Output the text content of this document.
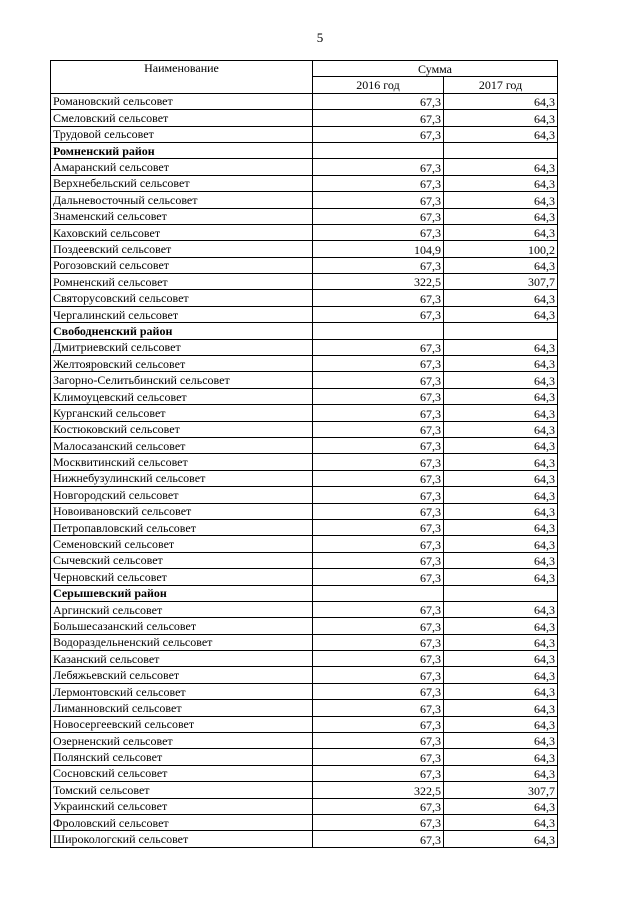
5
Наименование	Сумма	
	2016 год	2017 год
Романовский сельсовет	67,3	64,3
Смеловский сельсовет	67,3	64,3
Трудовой сельсовет	67,3	64,3
Ромненский район		
Амаранский сельсовет	67,3	64,3
Верхнебельский сельсовет	67,3	64,3
Дальневосточный сельсовет	67,3	64,3
Знаменский сельсовет	67,3	64,3
Каховский сельсовет	67,3	64,3
Поздеевский сельсовет	104,9	100,2
Рогозовский сельсовет	67,3	64,3
Ромненский сельсовет	322,5	307,7
Святорусовский сельсовет	67,3	64,3
Чергалинский сельсовет	67,3	64,3
Свободненский район		
Дмитриевский сельсовет	67,3	64,3
Желтояровский сельсовет	67,3	64,3
Загорно-Селитьбинский сельсовет	67,3	64,3
Климоуцевский сельсовет	67,3	64,3
Курганский сельсовет	67,3	64,3
Костюковский сельсовет	67,3	64,3
Малосазанский сельсовет	67,3	64,3
Москвитинский сельсовет	67,3	64,3
Нижнебузулинский сельсовет	67,3	64,3
Новгородский сельсовет	67,3	64,3
Новоивановский сельсовет	67,3	64,3
Петропавловский сельсовет	67,3	64,3
Семеновский сельсовет	67,3	64,3
Сычевский сельсовет	67,3	64,3
Черновский сельсовет	67,3	64,3
Серышевский район		
Аргинский сельсовет	67,3	64,3
Большесазанский сельсовет	67,3	64,3
Водораздельненский сельсовет	67,3	64,3
Казанский сельсовет	67,3	64,3
Лебяжьевский сельсовет	67,3	64,3
Лермонтовский сельсовет	67,3	64,3
Лиманновский сельсовет	67,3	64,3
Новосергеевский сельсовет	67,3	64,3
Озерненский сельсовет	67,3	64,3
Полянский сельсовет	67,3	64,3
Сосновский сельсовет	67,3	64,3
Томский сельсовет	322,5	307,7
Украинский сельсовет	67,3	64,3
Фроловский сельсовет	67,3	64,3
Широкологский сельсовет	67,3	64,3
